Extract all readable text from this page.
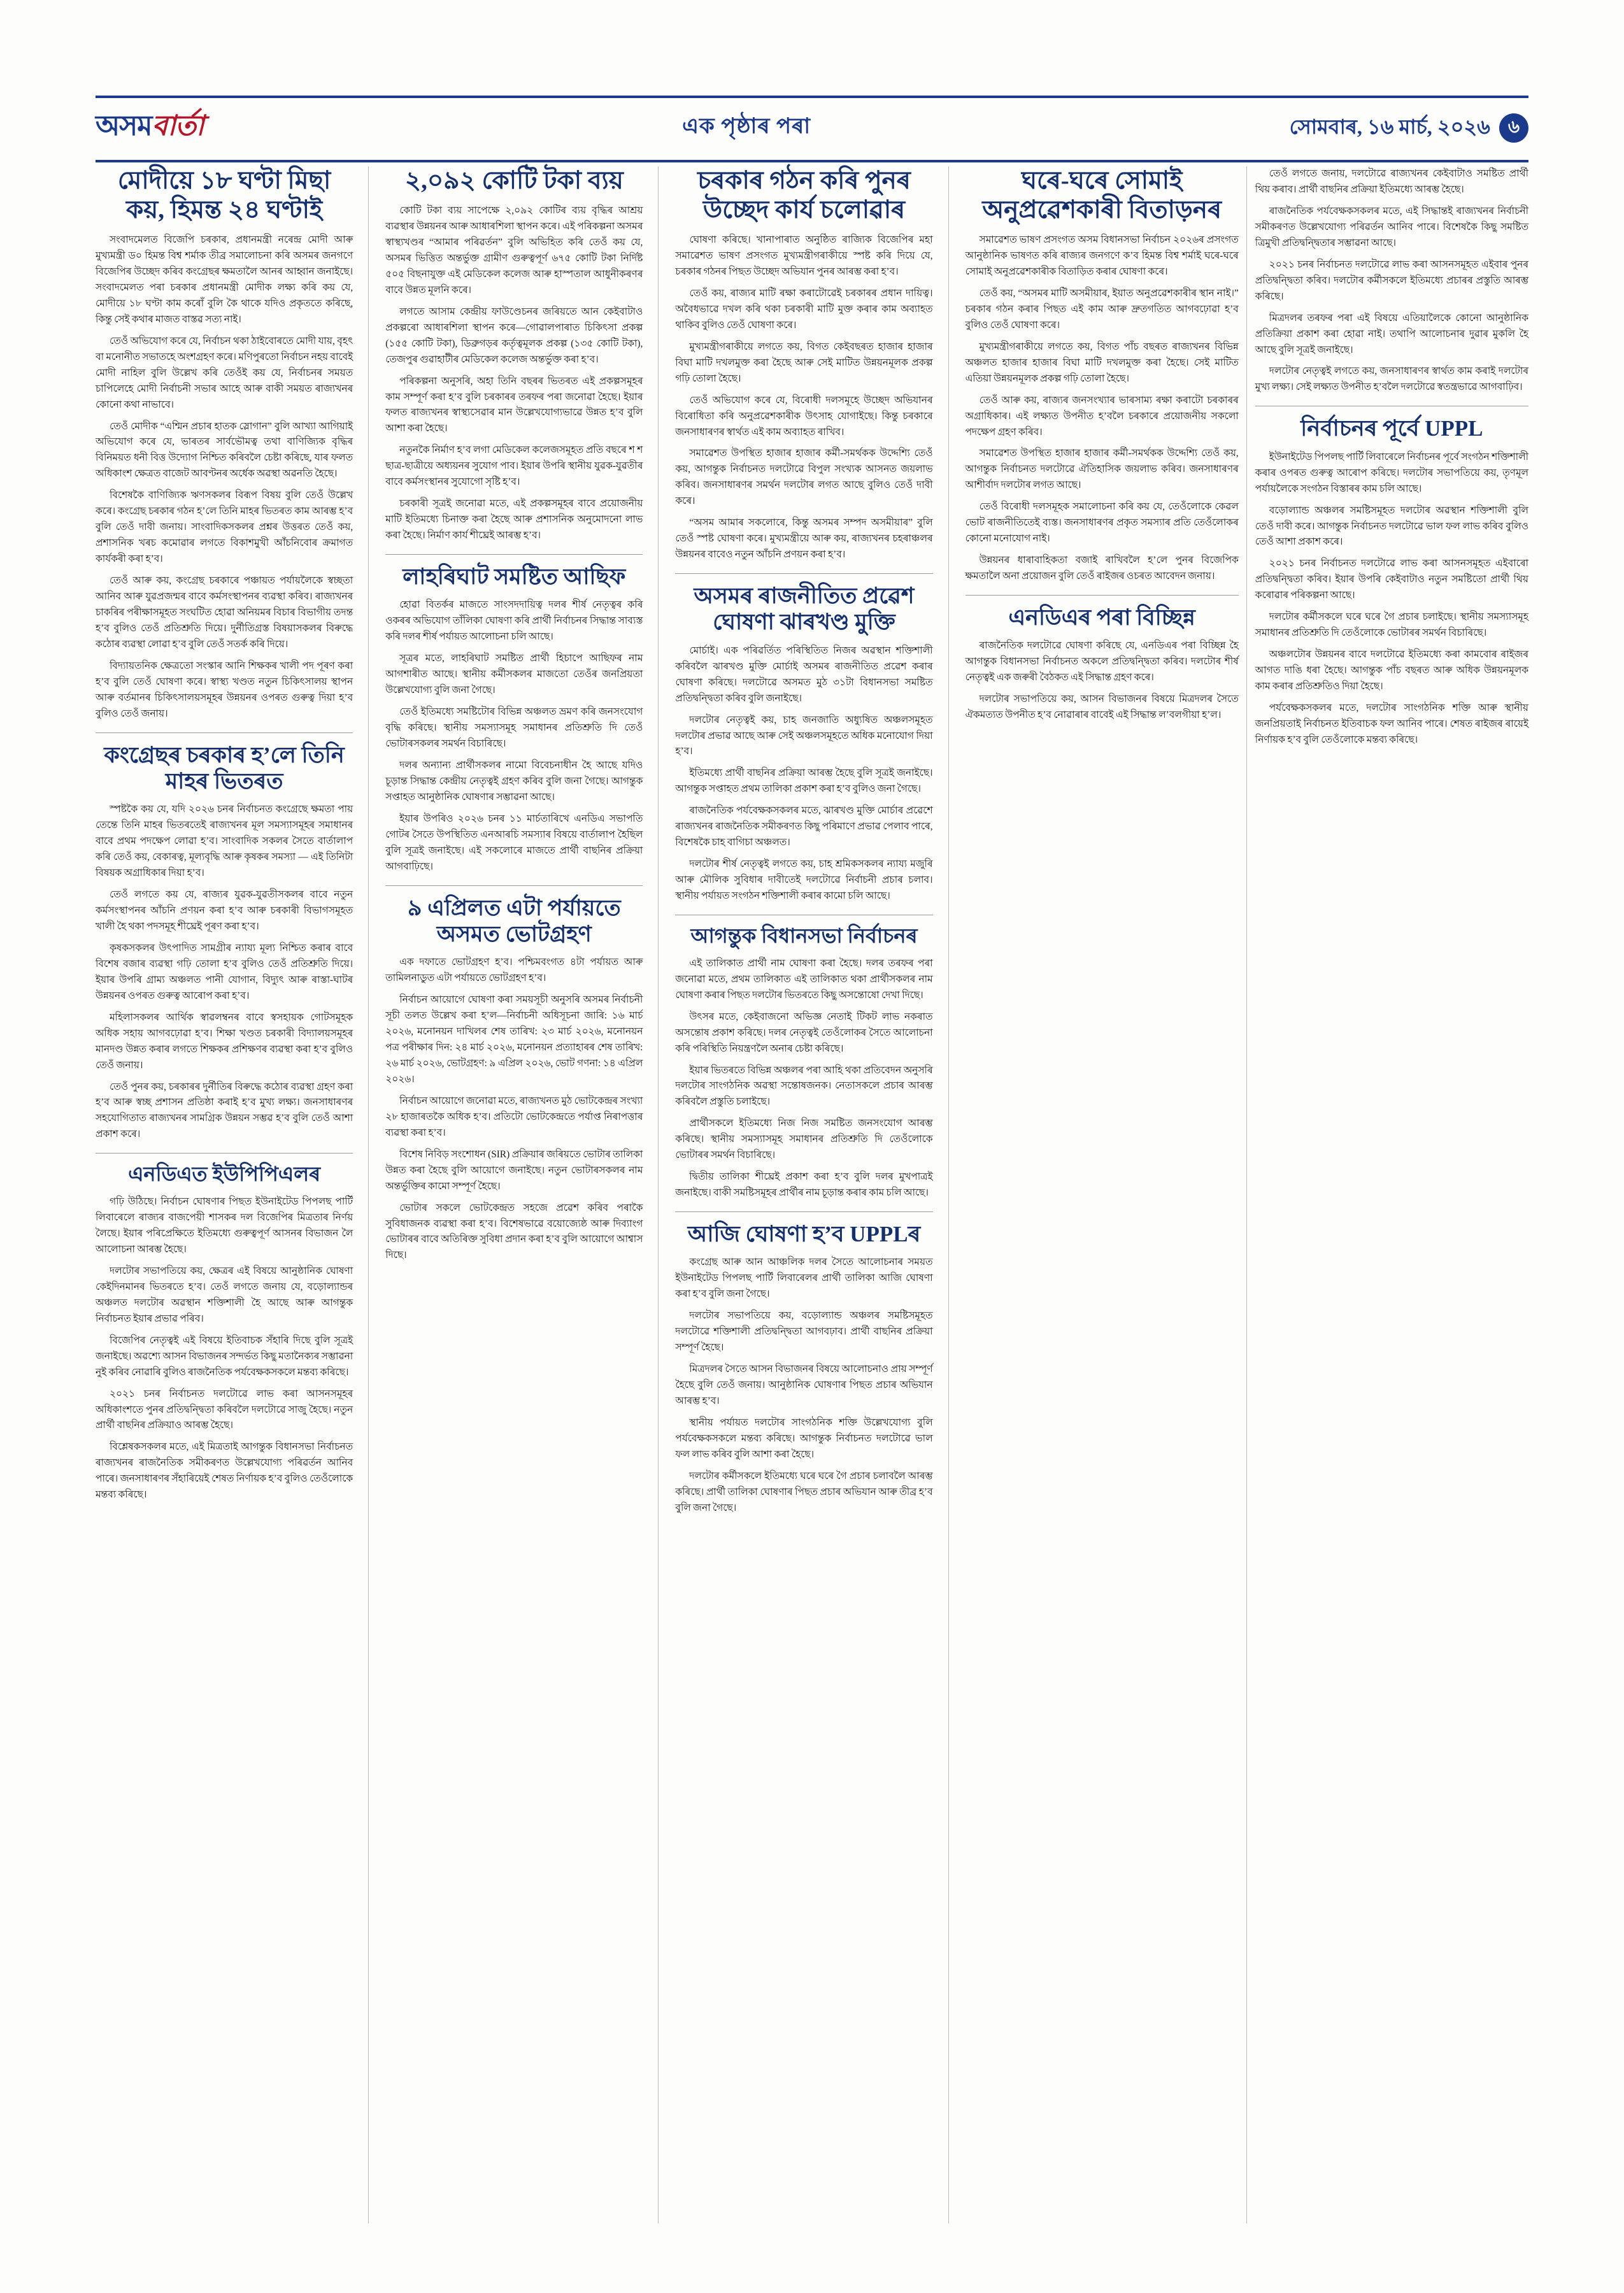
অসমবাৰ্তা	এক পৃষ্ঠাৰ পৰা	সোমবাৰ, ১৬ মাৰ্চ, ২০২৬ ৬
মোদীয়ে ১৮ ঘণ্টা মিছা কয়, হিমন্ত ২৪ ঘণ্টাই

সংবাদমেলত বিজেপি চৰকাৰ, প্ৰধানমন্ত্ৰী নৰেন্দ্ৰ মোদী আৰু মুখ্যমন্ত্ৰী ড০ হিমন্ত বিশ্ব শৰ্মাক তীব্ৰ সমালোচনা কৰি অসমৰ জনগণে বিজেপিৰ উচ্ছেদ কৰিব কংগ্ৰেছৰ ক্ষমতালৈ আনৰ আহ্বান জনাইছে। সংবাদমেলত পৰা চৰকাৰ প্ৰধানমন্ত্ৰী মোদীক লক্ষ্য কৰি কয় যে, মোদীয়ে ১৮ ঘণ্টা কাম কৰোঁ বুলি কৈ থাকে যদিও প্ৰকৃততে কৰিছে, কিন্তু সেই কথাৰ মাজত বাস্তৱ সত্য নাই।

তেওঁ অভিযোগ কৰে যে, নিৰ্বাচন থকা ঠাইবোৰতে মোদী যায়, বৃহৎ বা মনোনীত সভাতহে অংশগ্ৰহণ কৰে। মণিপুৰতো নিৰ্বাচন নহয় বাবেই মোদী নাহিল বুলি উল্লেখ কৰি তেওঁই কয় যে, নিৰ্বাচনৰ সময়ত চাপিলেহে মোদী নিৰ্বাচনী সভাৰ আহে আৰু বাকী সময়ত ৰাজ্যখনৰ কোনো কথা নাভাবে।

তেওঁ মোদীক “এশ্মিন প্ৰচাৰ হাতক স্লোগান” বুলি আখ্যা আগিয়াই অভিযোগ কৰে যে, ভাৰতৰ সাৰ্বভৌমত্ব তথা বাণিজ্যিক বৃদ্ধিৰ বিনিময়ত ধনী বিত্ত উদ্যোগ নিশ্চিত কৰিবলৈ চেষ্টা কৰিছে, যাৰ ফলত অধিকাংশ ক্ষেত্ৰত বাজেট আবণ্টনৰ অৰ্ধেক অৱস্থা অৱনতি হৈছে।

বিশেষকৈ বাণিজ্যিক ঋণসকলৰ বিৰূপ বিষয় বুলি তেওঁ উল্লেখ কৰে। কংগ্ৰেছ চৰকাৰ গঠন হ’লে তিনি মাহৰ ভিতৰত কাম আৰম্ভ হ’ব বুলি তেওঁ দাবী জনায়। সাংবাদিকসকলৰ প্ৰশ্নৰ উত্তৰত তেওঁ কয়, প্ৰশাসনিক খৰচ কমোৱাৰ লগতে বিকাশমুখী আঁচনিবোৰ ক্ৰমাগত কাৰ্যকৰী কৰা হ’ব।

তেওঁ আৰু কয়, কংগ্ৰেছ চৰকাৰে পঞ্চায়ত পৰ্যায়লৈকে স্বচ্ছতা আনিব আৰু যুৱপ্ৰজন্মৰ বাবে কৰ্মসংস্থাপনৰ ব্যৱস্থা কৰিব। ৰাজ্যখনৰ চাকৰিৰ পৰীক্ষাসমূহত সংঘটিত হোৱা অনিয়মৰ বিচাৰ বিভাগীয় তদন্ত হ’ব বুলিও তেওঁ প্ৰতিশ্ৰুতি দিয়ে। দুৰ্নীতিগ্ৰস্ত বিষয়াসকলৰ বিৰুদ্ধে কঠোৰ ব্যৱস্থা লোৱা হ’ব বুলি তেওঁ সতৰ্ক কৰি দিয়ে।

বিদ্যায়তনিক ক্ষেত্ৰতো সংস্কাৰ আনি শিক্ষকৰ খালী পদ পূৰণ কৰা হ’ব বুলি তেওঁ ঘোষণা কৰে। স্বাস্থ্য খণ্ডত নতুন চিকিৎসালয় স্থাপন আৰু বৰ্তমানৰ চিকিৎসালয়সমূহৰ উন্নয়নৰ ওপৰত গুৰুত্ব দিয়া হ’ব বুলিও তেওঁ জনায়।

কংগ্ৰেছৰ চৰকাৰ হ’লে তিনি মাহৰ ভিতৰত

স্পষ্টকৈ কয় যে, যদি ২০২৬ চনৰ নিৰ্বাচনত কংগ্ৰেছে ক্ষমতা পায় তেন্তে তিনি মাহৰ ভিতৰতেই ৰাজ্যখনৰ মূল সমস্যাসমূহৰ সমাধানৰ বাবে প্ৰথম পদক্ষেপ লোৱা হ’ব। সাংবাদিক সকলৰ সৈতে বাৰ্তালাপ কৰি তেওঁ কয়, বেকাৰত্ব, মূল্যবৃদ্ধি আৰু কৃষকৰ সমস্যা — এই তিনিটা বিষয়ক অগ্ৰাধিকাৰ দিয়া হ’ব।

তেওঁ লগতে কয় যে, ৰাজ্যৰ যুৱক-যুৱতীসকলৰ বাবে নতুন কৰ্মসংস্থাপনৰ আঁচনি প্ৰণয়ন কৰা হ’ব আৰু চৰকাৰী বিভাগসমূহত খালী হৈ থকা পদসমূহ শীঘ্ৰেই পূৰণ কৰা হ’ব।

কৃষকসকলৰ উৎপাদিত সামগ্ৰীৰ ন্যায্য মূল্য নিশ্চিত কৰাৰ বাবে বিশেষ বজাৰ ব্যৱস্থা গঢ়ি তোলা হ’ব বুলিও তেওঁ প্ৰতিশ্ৰুতি দিয়ে। ইয়াৰ উপৰি গ্ৰাম্য অঞ্চলত পানী যোগান, বিদ্যুৎ আৰু ৰাস্তা-ঘাটৰ উন্নয়নৰ ওপৰত গুৰুত্ব আৰোপ কৰা হ’ব।

মহিলাসকলৰ আৰ্থিক স্বাৱলম্বনৰ বাবে স্বসহায়ক গোটসমূহক অধিক সহায় আগবঢ়োৱা হ’ব। শিক্ষা খণ্ডত চৰকাৰী বিদ্যালয়সমূহৰ মানদণ্ড উন্নত কৰাৰ লগতে শিক্ষকৰ প্ৰশিক্ষণৰ ব্যৱস্থা কৰা হ’ব বুলিও তেওঁ জনায়।

তেওঁ পুনৰ কয়, চৰকাৰৰ দুৰ্নীতিৰ বিৰুদ্ধে কঠোৰ ব্যৱস্থা গ্ৰহণ কৰা হ’ব আৰু স্বচ্ছ প্ৰশাসন প্ৰতিষ্ঠা কৰাই হ’ব মুখ্য লক্ষ্য। জনসাধাৰণৰ সহযোগিতাত ৰাজ্যখনৰ সামগ্ৰিক উন্নয়ন সম্ভৱ হ’ব বুলি তেওঁ আশা প্ৰকাশ কৰে।

এনডিএত ইউপিপিএলৰ

গঢ়ি উঠিছে। নিৰ্বাচন ঘোষণাৰ পিছত ইউনাইটেড পিপলছ পাৰ্টি লিবাৰেলে ৰাজ্যৰ বাজপেয়ী শাসকৰ দল বিজেপিৰ মিত্ৰতাৰ নিৰ্ণয় লৈছে। ইয়াৰ পৰিপ্ৰেক্ষিতে ইতিমধ্যে গুৰুত্বপূৰ্ণ আসনৰ বিভাজন লৈ আলোচনা আৰম্ভ হৈছে।

দলটোৰ সভাপতিয়ে কয়, ক্ষেত্ৰৰ এই বিষয়ে আনুষ্ঠানিক ঘোষণা কেইদিনমানৰ ভিতৰতে হ’ব। তেওঁ লগতে জনায় যে, বড়োল্যান্ডৰ অঞ্চলত দলটোৰ অৱস্থান শক্তিশালী হৈ আছে আৰু আগন্তুক নিৰ্বাচনত ইয়াৰ প্ৰভাৱ পৰিব।

বিজেপিৰ নেতৃত্বই এই বিষয়ে ইতিবাচক সঁহাৰি দিছে বুলি সূত্ৰই জনাইছে। অৱশ্যে আসন বিভাজনৰ সন্দৰ্ভত কিছু মতানৈক্যৰ সম্ভাৱনা নুই কৰিব নোৱাৰি বুলিও ৰাজনৈতিক পৰ্যবেক্ষকসকলে মন্তব্য কৰিছে।

২০২১ চনৰ নিৰ্বাচনত দলটোৱে লাভ কৰা আসনসমূহৰ অধিকাংশতে পুনৰ প্ৰতিদ্বন্দ্বিতা কৰিবলৈ দলটোৱে সাজু হৈছে। নতুন প্ৰাৰ্থী বাছনিৰ প্ৰক্ৰিয়াও আৰম্ভ হৈছে।

বিশ্লেষকসকলৰ মতে, এই মিত্ৰতাই আগন্তুক বিধানসভা নিৰ্বাচনত ৰাজ্যখনৰ ৰাজনৈতিক সমীকৰণত উল্লেখযোগ্য পৰিৱৰ্তন আনিব পাৰে। জনসাধাৰণৰ সঁহাৰিয়েই শেষত নিৰ্ণায়ক হ’ব বুলিও তেওঁলোকে মন্তব্য কৰিছে।

২,০৯২ কোটি টকা ব্যয়

কোটি টকা ব্যয় সাপেক্ষে ২,০৯২ কোটিৰ ব্যয় বৃদ্ধিৰ আশ্ৰয় ব্যৱস্থাৰ উন্নয়নৰ আৰু আধাৰশিলা স্থাপন কৰে। এই পৰিকল্পনা অসমৰ স্বাস্থ্যখণ্ডৰ “আমাৰ পৰিৱৰ্তন” বুলি অভিহিত কৰি তেওঁ কয় যে, অসমৰ ভিত্তিত অন্তৰ্ভুক্ত গ্ৰামীণ গুৰুত্বপূৰ্ণ ৬৭৫ কোটি টকা নিৰ্দিষ্ট ৫০৫ বিছনাযুক্ত এই মেডিকেল কলেজ আৰু হাস্পতাল আধুনীকৰণৰ বাবে উন্নত মূলনি কৰে।

লগতে আসাম কেন্দ্ৰীয় ফাউণ্ডেচনৰ জৰিয়তে আন কেইবাটাও প্ৰকল্পৰো আধাৰশিলা স্থাপন কৰে—গোৱালপাৰাত চিকিৎসা প্ৰকল্প (১৫৫ কোটি টকা), ডিব্ৰুগড়ৰ কৰ্তৃত্বমূলক প্ৰকল্প (১৩৫ কোটি টকা), তেজপুৰ গুৱাহাটীৰ মেডিকেল কলেজ অন্তৰ্ভুক্ত কৰা হ’ব।

পৰিকল্পনা অনুসৰি, অহা তিনি বছৰৰ ভিতৰত এই প্ৰকল্পসমূহৰ কাম সম্পূৰ্ণ কৰা হ’ব বুলি চৰকাৰৰ তৰফৰ পৰা জনোৱা হৈছে। ইয়াৰ ফলত ৰাজ্যখনৰ স্বাস্থ্যসেৱাৰ মান উল্লেখযোগ্যভাৱে উন্নত হ’ব বুলি আশা কৰা হৈছে।

নতুনকৈ নিৰ্মাণ হ’ব লগা মেডিকেল কলেজসমূহত প্ৰতি বছৰে শ শ ছাত্ৰ-ছাত্ৰীয়ে অধ্যয়নৰ সুযোগ পাব। ইয়াৰ উপৰি স্থানীয় যুৱক-যুৱতীৰ বাবে কৰ্মসংস্থানৰ সুযোগো সৃষ্টি হ’ব।

চৰকাৰী সূত্ৰই জনোৱা মতে, এই প্ৰকল্পসমূহৰ বাবে প্ৰয়োজনীয় মাটি ইতিমধ্যে চিনাক্ত কৰা হৈছে আৰু প্ৰশাসনিক অনুমোদনো লাভ কৰা হৈছে। নিৰ্মাণ কাৰ্য শীঘ্ৰেই আৰম্ভ হ’ব।

লাহৰিঘাট সমষ্টিত আছিফ

হোৱা বিতৰ্কৰ মাজতে সাংসদদায়িত্ব দলৰ শীৰ্ষ নেতৃত্বৰ কৰি ওকৰৰ অভিযোগ তাঁলিকা ঘোষণা কৰি প্ৰাৰ্থী নিৰ্বাচনৰ সিদ্ধান্ত সাব্যস্ত কৰি দলৰ শীৰ্ষ পৰ্যায়ত আলোচনা চলি আছে।

সূত্ৰৰ মতে, লাহৰিঘাট সমষ্টিত প্ৰাৰ্থী হিচাপে আছিফৰ নাম আগশাৰীত আছে। স্থানীয় কৰ্মীসকলৰ মাজতো তেওঁৰ জনপ্ৰিয়তা উল্লেখযোগ্য বুলি জনা গৈছে।

তেওঁ ইতিমধ্যে সমষ্টিটোৰ বিভিন্ন অঞ্চলত ভ্ৰমণ কৰি জনসংযোগ বৃদ্ধি কৰিছে। স্থানীয় সমস্যাসমূহ সমাধানৰ প্ৰতিশ্ৰুতি দি তেওঁ ভোটাৰসকলৰ সমৰ্থন বিচাৰিছে।

দলৰ অন্যান্য প্ৰাৰ্থীসকলৰ নামো বিবেচনাধীন হৈ আছে যদিও চূড়ান্ত সিদ্ধান্ত কেন্দ্ৰীয় নেতৃত্বই গ্ৰহণ কৰিব বুলি জনা গৈছে। আগন্তুক সপ্তাহত আনুষ্ঠানিক ঘোষণাৰ সম্ভাৱনা আছে।

ইয়াৰ উপৰিও ২০২৬ চনৰ ১১ মাৰ্চতাৰিখে এনডিএ সভাপতি গোটৰ সৈতে উপস্থিতিত এনআৰচি সমস্যাৰ বিষয়ে বাৰ্তালাপ হৈছিল বুলি সূত্ৰই জনাইছে। এই সকলোৰে মাজতে প্ৰাৰ্থী বাছনিৰ প্ৰক্ৰিয়া আগবাঢ়িছে।

৯ এপ্ৰিলত এটা পৰ্যায়তে অসমত ভোটগ্ৰহণ

এক দফাতে ভোটগ্ৰহণ হ’ব। পশ্চিমবংগত ৪টা পৰ্যায়ত আৰু তামিলনাডুত এটা পৰ্যায়তে ভোটগ্ৰহণ হ’ব।

নিৰ্বাচন আয়োগে ঘোষণা কৰা সময়সূচী অনুসৰি অসমৰ নিৰ্বাচনী সূচী তলত উল্লেখ কৰা হ’ল—নিৰ্বাচনী অধিসূচনা জাৰি: ১৬ মাৰ্চ ২০২৬, মনোনয়ন দাখিলৰ শেষ তাৰিখ: ২৩ মাৰ্চ ২০২৬, মনোনয়ন পত্ৰ পৰীক্ষাৰ দিন: ২৪ মাৰ্চ ২০২৬, মনোনয়ন প্ৰত্যাহাৰৰ শেষ তাৰিখ: ২৬ মাৰ্চ ২০২৬, ভোটগ্ৰহণ: ৯ এপ্ৰিল ২০২৬, ভোট গণনা: ১৪ এপ্ৰিল ২০২৬।

নিৰ্বাচন আয়োগে জনোৱা মতে, ৰাজ্যখনত মুঠ ভোটকেন্দ্ৰৰ সংখ্যা ২৮ হাজাৰতকৈ অধিক হ’ব। প্ৰতিটো ভোটকেন্দ্ৰতে পৰ্যাপ্ত নিৰাপত্তাৰ ব্যৱস্থা কৰা হ’ব।

বিশেষ নিবিড় সংশোধন (SIR) প্ৰক্ৰিয়াৰ জৰিয়তে ভোটাৰ তালিকা উন্নত কৰা হৈছে বুলি আয়োগে জনাইছে। নতুন ভোটাৰসকলৰ নাম অন্তৰ্ভুক্তিৰ কামো সম্পূৰ্ণ হৈছে।

ভোটাৰ সকলে ভোটকেন্দ্ৰত সহজে প্ৰৱেশ কৰিব পৰাকৈ সুবিধাজনক ব্যৱস্থা কৰা হ’ব। বিশেষভাৱে বয়োজ্যেষ্ঠ আৰু দিব্যাংগ ভোটাৰৰ বাবে অতিৰিক্ত সুবিধা প্ৰদান কৰা হ’ব বুলি আয়োগে আশ্বাস দিছে।

চৰকাৰ গঠন কৰি পুনৰ উচ্ছেদ কাৰ্য চলোৱাৰ

ঘোষণা কৰিছে। খানাপাৰাত অনুষ্ঠিত ৰাজ্যিক বিজেপিৰ মহা সমাৱেশত ভাষণ প্ৰসংগত মুখ্যমন্ত্ৰীগৰাকীয়ে স্পষ্ট কৰি দিয়ে যে, চৰকাৰ গঠনৰ পিছত উচ্ছেদ অভিযান পুনৰ আৰম্ভ কৰা হ’ব।

তেওঁ কয়, ৰাজ্যৰ মাটি ৰক্ষা কৰাটোৱেই চৰকাৰৰ প্ৰধান দায়িত্ব। অবৈধভাৱে দখল কৰি থকা চৰকাৰী মাটি মুক্ত কৰাৰ কাম অব্যাহত থাকিব বুলিও তেওঁ ঘোষণা কৰে।

মুখ্যমন্ত্ৰীগৰাকীয়ে লগতে কয়, বিগত কেইবছৰত হাজাৰ হাজাৰ বিঘা মাটি দখলমুক্ত কৰা হৈছে আৰু সেই মাটিত উন্নয়নমূলক প্ৰকল্প গঢ়ি তোলা হৈছে।

তেওঁ অভিযোগ কৰে যে, বিৰোধী দলসমূহে উচ্ছেদ অভিযানৰ বিৰোধিতা কৰি অনুপ্ৰৱেশকাৰীক উৎসাহ যোগাইছে। কিন্তু চৰকাৰে জনসাধাৰণৰ স্বাৰ্থত এই কাম অব্যাহত ৰাখিব।

সমাৱেশত উপস্থিত হাজাৰ হাজাৰ কৰ্মী-সমৰ্থকক উদ্দেশ্যি তেওঁ কয়, আগন্তুক নিৰ্বাচনত দলটোৱে বিপুল সংখ্যক আসনত জয়লাভ কৰিব। জনসাধাৰণৰ সমৰ্থন দলটোৰ লগত আছে বুলিও তেওঁ দাবী কৰে।

“অসম আমাৰ সকলোৰে, কিন্তু অসমৰ সম্পদ অসমীয়াৰ” বুলি তেওঁ স্পষ্ট ঘোষণা কৰে। মুখ্যমন্ত্ৰীয়ে আৰু কয়, ৰাজ্যখনৰ চহৰাঞ্চলৰ উন্নয়নৰ বাবেও নতুন আঁচনি প্ৰণয়ন কৰা হ’ব।

অসমৰ ৰাজনীতিত প্ৰৱেশ ঘোষণা ঝাৰখণ্ড মুক্তি

মোৰ্চাই। এক পৰিৱৰ্তিত পৰিস্থিতিত নিজৰ অৱস্থান শক্তিশালী কৰিবলৈ ঝাৰখণ্ড মুক্তি মোৰ্চাই অসমৰ ৰাজনীতিত প্ৰৱেশ কৰাৰ ঘোষণা কৰিছে। দলটোৱে অসমত মুঠ ৩১টা বিধানসভা সমষ্টিত প্ৰতিদ্বন্দ্বিতা কৰিব বুলি জনাইছে।

দলটোৰ নেতৃত্বই কয়, চাহ জনজাতি অধ্যুষিত অঞ্চলসমূহত দলটোৰ প্ৰভাৱ আছে আৰু সেই অঞ্চলসমূহতে অধিক মনোযোগ দিয়া হ’ব।

ইতিমধ্যে প্ৰাৰ্থী বাছনিৰ প্ৰক্ৰিয়া আৰম্ভ হৈছে বুলি সূত্ৰই জনাইছে। আগন্তুক সপ্তাহত প্ৰথম তালিকা প্ৰকাশ কৰা হ’ব বুলিও জনা গৈছে।

ৰাজনৈতিক পৰ্যবেক্ষকসকলৰ মতে, ঝাৰখণ্ড মুক্তি মোৰ্চাৰ প্ৰৱেশে ৰাজ্যখনৰ ৰাজনৈতিক সমীকৰণত কিছু পৰিমাণে প্ৰভাৱ পেলাব পাৰে, বিশেষকৈ চাহ বাগিচা অঞ্চলত।

দলটোৰ শীৰ্ষ নেতৃত্বই লগতে কয়, চাহ শ্ৰমিকসকলৰ ন্যায্য মজুৰি আৰু মৌলিক সুবিধাৰ দাবীতেই দলটোৱে নিৰ্বাচনী প্ৰচাৰ চলাব। স্থানীয় পৰ্যায়ত সংগঠন শক্তিশালী কৰাৰ কামো চলি আছে।

আগন্তুক বিধানসভা নিৰ্বাচনৰ

এই তালিকাত প্ৰাৰ্থী নাম ঘোষণা কৰা হৈছে। দলৰ তৰফৰ পৰা জনোৱা মতে, প্ৰথম তালিকাত এই তালিকাত থকা প্ৰাৰ্থীসকলৰ নাম ঘোষণা কৰাৰ পিছত দলটোৰ ভিতৰতে কিছু অসন্তোষো দেখা দিছে।

উৎসৰ মতে, কেইবাজনো অভিজ্ঞ নেতাই টিকট লাভ নকৰাত অসন্তোষ প্ৰকাশ কৰিছে। দলৰ নেতৃত্বই তেওঁলোকৰ সৈতে আলোচনা কৰি পৰিস্থিতি নিয়ন্ত্ৰণলৈ অনাৰ চেষ্টা কৰিছে।

ইয়াৰ ভিতৰতে বিভিন্ন অঞ্চলৰ পৰা আহি থকা প্ৰতিবেদন অনুসৰি দলটোৰ সাংগঠনিক অৱস্থা সন্তোষজনক। নেতাসকলে প্ৰচাৰ আৰম্ভ কৰিবলৈ প্ৰস্তুতি চলাইছে।

প্ৰাৰ্থীসকলে ইতিমধ্যে নিজ নিজ সমষ্টিত জনসংযোগ আৰম্ভ কৰিছে। স্থানীয় সমস্যাসমূহ সমাধানৰ প্ৰতিশ্ৰুতি দি তেওঁলোকে ভোটাৰৰ সমৰ্থন বিচাৰিছে।

দ্বিতীয় তালিকা শীঘ্ৰেই প্ৰকাশ কৰা হ’ব বুলি দলৰ মুখপাত্ৰই জনাইছে। বাকী সমষ্টিসমূহৰ প্ৰাৰ্থীৰ নাম চূড়ান্ত কৰাৰ কাম চলি আছে।

আজি ঘোষণা হ’ব UPPLৰ

কংগ্ৰেছ আৰু আন আঞ্চলিক দলৰ সৈতে আলোচনাৰ সময়ত ইউনাইটেড পিপলছ পাৰ্টি লিবাৰেলৰ প্ৰাৰ্থী তালিকা আজি ঘোষণা কৰা হ’ব বুলি জনা গৈছে।

দলটোৰ সভাপতিয়ে কয়, বড়োল্যান্ড অঞ্চলৰ সমষ্টিসমূহত দলটোৱে শক্তিশালী প্ৰতিদ্বন্দ্বিতা আগবঢ়াব। প্ৰাৰ্থী বাছনিৰ প্ৰক্ৰিয়া সম্পূৰ্ণ হৈছে।

মিত্ৰদলৰ সৈতে আসন বিভাজনৰ বিষয়ে আলোচনাও প্ৰায় সম্পূৰ্ণ হৈছে বুলি তেওঁ জনায়। আনুষ্ঠানিক ঘোষণাৰ পিছত প্ৰচাৰ অভিযান আৰম্ভ হ’ব।

স্থানীয় পৰ্যায়ত দলটোৰ সাংগঠনিক শক্তি উল্লেখযোগ্য বুলি পৰ্যবেক্ষকসকলে মন্তব্য কৰিছে। আগন্তুক নিৰ্বাচনত দলটোৱে ভাল ফল লাভ কৰিব বুলি আশা কৰা হৈছে।

দলটোৰ কৰ্মীসকলে ইতিমধ্যে ঘৰে ঘৰে গৈ প্ৰচাৰ চলাবলৈ আৰম্ভ কৰিছে। প্ৰাৰ্থী তালিকা ঘোষণাৰ পিছত প্ৰচাৰ অভিযান আৰু তীব্ৰ হ’ব বুলি জনা গৈছে।

ঘৰে-ঘৰে সোমাই অনুপ্ৰৱেশকাৰী বিতাড়নৰ

সমাৱেশত ভাষণ প্ৰসংগত অসম বিধানসভা নিৰ্বাচন ২০২৬ৰ প্ৰসংগত আনুষ্ঠানিক ভাষণত কৰি ৰাজ্যৰ জনগণে ক’ব হিমন্ত বিশ্ব শৰ্মাই ঘৰে-ঘৰে সোমাই অনুপ্ৰৱেশকাৰীক বিতাড়িত কৰাৰ ঘোষণা কৰে।

তেওঁ কয়, “অসমৰ মাটি অসমীয়াৰ, ইয়াত অনুপ্ৰৱেশকাৰীৰ স্থান নাই।” চৰকাৰ গঠন কৰাৰ পিছত এই কাম আৰু দ্ৰুতগতিত আগবঢ়োৱা হ’ব বুলিও তেওঁ ঘোষণা কৰে।

মুখ্যমন্ত্ৰীগৰাকীয়ে লগতে কয়, বিগত পাঁচ বছৰত ৰাজ্যখনৰ বিভিন্ন অঞ্চলত হাজাৰ হাজাৰ বিঘা মাটি দখলমুক্ত কৰা হৈছে। সেই মাটিত এতিয়া উন্নয়নমূলক প্ৰকল্প গঢ়ি তোলা হৈছে।

তেওঁ আৰু কয়, ৰাজ্যৰ জনসংখ্যাৰ ভাৰসাম্য ৰক্ষা কৰাটো চৰকাৰৰ অগ্ৰাধিকাৰ। এই লক্ষ্যত উপনীত হ’বলৈ চৰকাৰে প্ৰয়োজনীয় সকলো পদক্ষেপ গ্ৰহণ কৰিব।

সমাৱেশত উপস্থিত হাজাৰ হাজাৰ কৰ্মী-সমৰ্থকক উদ্দেশ্যি তেওঁ কয়, আগন্তুক নিৰ্বাচনত দলটোৱে ঐতিহাসিক জয়লাভ কৰিব। জনসাধাৰণৰ আশীৰ্বাদ দলটোৰ লগত আছে।

তেওঁ বিৰোধী দলসমূহক সমালোচনা কৰি কয় যে, তেওঁলোকে কেৱল ভোট ৰাজনীতিতেই ব্যস্ত। জনসাধাৰণৰ প্ৰকৃত সমস্যাৰ প্ৰতি তেওঁলোকৰ কোনো মনোযোগ নাই।

উন্নয়নৰ ধাৰাবাহিকতা বজাই ৰাখিবলৈ হ’লে পুনৰ বিজেপিক ক্ষমতালৈ অনা প্ৰয়োজন বুলি তেওঁ ৰাইজৰ ওচৰত আবেদন জনায়।

এনডিএৰ পৰা বিচ্ছিন্ন

ৰাজনৈতিক দলটোৱে ঘোষণা কৰিছে যে, এনডিএৰ পৰা বিচ্ছিন্ন হৈ আগন্তুক বিধানসভা নিৰ্বাচনত অকলে প্ৰতিদ্বন্দ্বিতা কৰিব। দলটোৰ শীৰ্ষ নেতৃত্বই এক জৰুৰী বৈঠকত এই সিদ্ধান্ত গ্ৰহণ কৰে।

দলটোৰ সভাপতিয়ে কয়, আসন বিভাজনৰ বিষয়ে মিত্ৰদলৰ সৈতে ঐকমত্যত উপনীত হ’ব নোৱাৰাৰ বাবেই এই সিদ্ধান্ত ল’বলগীয়া হ’ল।

তেওঁ লগতে জনায়, দলটোৱে ৰাজ্যখনৰ কেইবাটাও সমষ্টিত প্ৰাৰ্থী থিয় কৰাব। প্ৰাৰ্থী বাছনিৰ প্ৰক্ৰিয়া ইতিমধ্যে আৰম্ভ হৈছে।

ৰাজনৈতিক পৰ্যবেক্ষকসকলৰ মতে, এই সিদ্ধান্তই ৰাজ্যখনৰ নিৰ্বাচনী সমীকৰণত উল্লেখযোগ্য পৰিৱৰ্তন আনিব পাৰে। বিশেষকৈ কিছু সমষ্টিত ত্ৰিমুখী প্ৰতিদ্বন্দ্বিতাৰ সম্ভাৱনা আছে।

২০২১ চনৰ নিৰ্বাচনত দলটোৱে লাভ কৰা আসনসমূহত এইবাৰ পুনৰ প্ৰতিদ্বন্দ্বিতা কৰিব। দলটোৰ কৰ্মীসকলে ইতিমধ্যে প্ৰচাৰৰ প্ৰস্তুতি আৰম্ভ কৰিছে।

মিত্ৰদলৰ তৰফৰ পৰা এই বিষয়ে এতিয়ালৈকে কোনো আনুষ্ঠানিক প্ৰতিক্ৰিয়া প্ৰকাশ কৰা হোৱা নাই। তথাপি আলোচনাৰ দুৱাৰ মুকলি হৈ আছে বুলি সূত্ৰই জনাইছে।

দলটোৰ নেতৃত্বই লগতে কয়, জনসাধাৰণৰ স্বাৰ্থত কাম কৰাই দলটোৰ মুখ্য লক্ষ্য। সেই লক্ষ্যত উপনীত হ’বলৈ দলটোৱে স্বতন্ত্ৰভাৱে আগবাঢ়িব।

নিৰ্বাচনৰ পূৰ্বে UPPL

ইউনাইটেড পিপলছ পাৰ্টি লিবাৰেলে নিৰ্বাচনৰ পূৰ্বে সংগঠন শক্তিশালী কৰাৰ ওপৰত গুৰুত্ব আৰোপ কৰিছে। দলটোৰ সভাপতিয়ে কয়, তৃণমূল পৰ্যায়লৈকে সংগঠন বিস্তাৰৰ কাম চলি আছে।

বড়োল্যান্ড অঞ্চলৰ সমষ্টিসমূহত দলটোৰ অৱস্থান শক্তিশালী বুলি তেওঁ দাবী কৰে। আগন্তুক নিৰ্বাচনত দলটোৱে ভাল ফল লাভ কৰিব বুলিও তেওঁ আশা প্ৰকাশ কৰে।

২০২১ চনৰ নিৰ্বাচনত দলটোৱে লাভ কৰা আসনসমূহত এইবাৰো প্ৰতিদ্বন্দ্বিতা কৰিব। ইয়াৰ উপৰি কেইবাটাও নতুন সমষ্টিতো প্ৰাৰ্থী থিয় কৰোৱাৰ পৰিকল্পনা আছে।

দলটোৰ কৰ্মীসকলে ঘৰে ঘৰে গৈ প্ৰচাৰ চলাইছে। স্থানীয় সমস্যাসমূহ সমাধানৰ প্ৰতিশ্ৰুতি দি তেওঁলোকে ভোটাৰৰ সমৰ্থন বিচাৰিছে।

অঞ্চলটোৰ উন্নয়নৰ বাবে দলটোৱে ইতিমধ্যে কৰা কামবোৰ ৰাইজৰ আগত দাঙি ধৰা হৈছে। আগন্তুক পাঁচ বছৰত আৰু অধিক উন্নয়নমূলক কাম কৰাৰ প্ৰতিশ্ৰুতিও দিয়া হৈছে।

পৰ্যবেক্ষকসকলৰ মতে, দলটোৰ সাংগঠনিক শক্তি আৰু স্থানীয় জনপ্ৰিয়তাই নিৰ্বাচনত ইতিবাচক ফল আনিব পাৰে। শেষত ৰাইজৰ ৰায়েই নিৰ্ণায়ক হ’ব বুলি তেওঁলোকে মন্তব্য কৰিছে।
